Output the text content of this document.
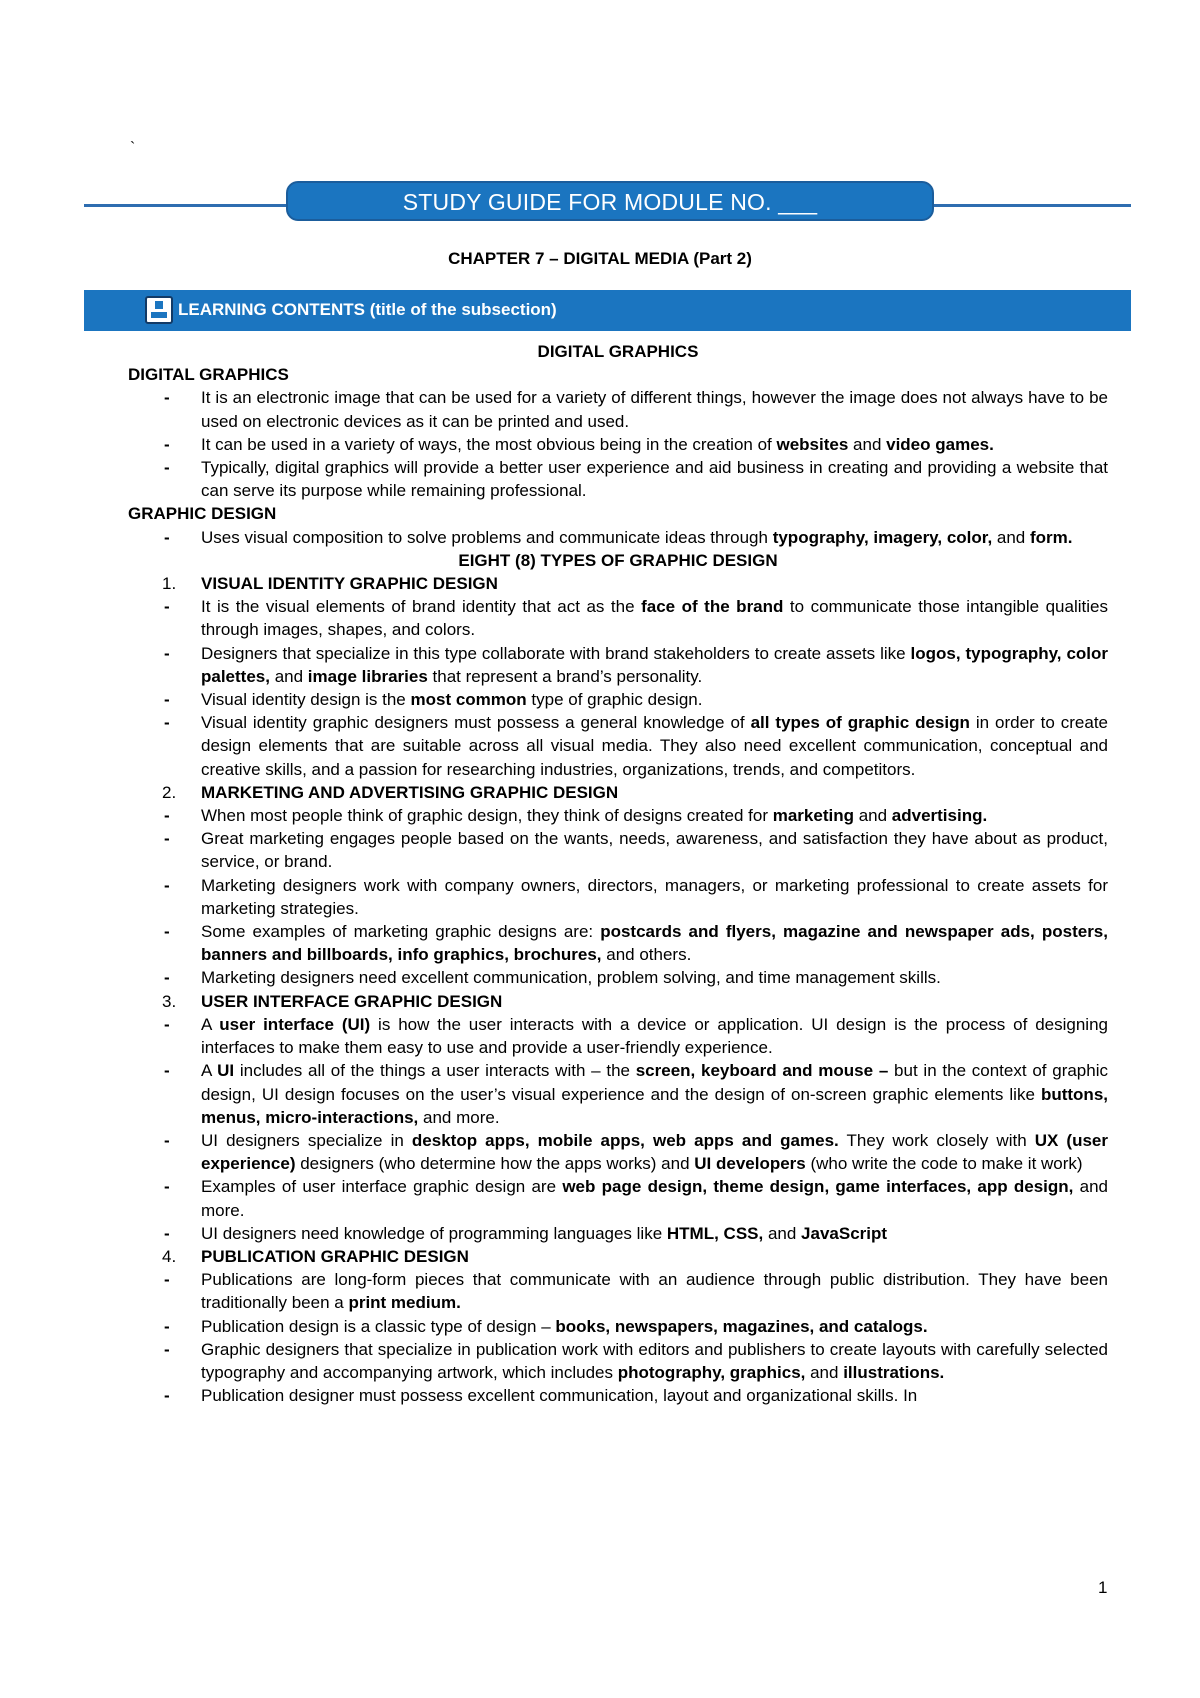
`
STUDY GUIDE FOR MODULE NO. ___
CHAPTER 7 – DIGITAL MEDIA (Part 2)
LEARNING CONTENTS (title of the subsection)
DIGITAL GRAPHICS
DIGITAL GRAPHICS
- It is an electronic image that can be used for a variety of different things, however the image does not always have to be used on electronic devices as it can be printed and used.
- It can be used in a variety of ways, the most obvious being in the creation of websites and video games.
- Typically, digital graphics will provide a better user experience and aid business in creating and providing a website that can serve its purpose while remaining professional.
GRAPHIC DESIGN
- Uses visual composition to solve problems and communicate ideas through typography, imagery, color, and form.
EIGHT (8) TYPES OF GRAPHIC DESIGN
1. VISUAL IDENTITY GRAPHIC DESIGN
- It is the visual elements of brand identity that act as the face of the brand to communicate those intangible qualities through images, shapes, and colors.
- Designers that specialize in this type collaborate with brand stakeholders to create assets like logos, typography, color palettes, and image libraries that represent a brand’s personality.
- Visual identity design is the most common type of graphic design.
- Visual identity graphic designers must possess a general knowledge of all types of graphic design in order to create design elements that are suitable across all visual media. They also need excellent communication, conceptual and creative skills, and a passion for researching industries, organizations, trends, and competitors.
2. MARKETING AND ADVERTISING GRAPHIC DESIGN
- When most people think of graphic design, they think of designs created for marketing and advertising.
- Great marketing engages people based on the wants, needs, awareness, and satisfaction they have about as product, service, or brand.
- Marketing designers work with company owners, directors, managers, or marketing professional to create assets for marketing strategies.
- Some examples of marketing graphic designs are: postcards and flyers, magazine and newspaper ads, posters, banners and billboards, info graphics, brochures, and others.
- Marketing designers need excellent communication, problem solving, and time management skills.
3. USER INTERFACE GRAPHIC DESIGN
- A user interface (UI) is how the user interacts with a device or application. UI design is the process of designing interfaces to make them easy to use and provide a user-friendly experience.
- A UI includes all of the things a user interacts with – the screen, keyboard and mouse – but in the context of graphic design, UI design focuses on the user’s visual experience and the design of on-screen graphic elements like buttons, menus, micro-interactions, and more.
- UI designers specialize in desktop apps, mobile apps, web apps and games. They work closely with UX (user experience) designers (who determine how the apps works) and UI developers (who write the code to make it work)
- Examples of user interface graphic design are web page design, theme design, game interfaces, app design, and more.
- UI designers need knowledge of programming languages like HTML, CSS, and JavaScript
4. PUBLICATION GRAPHIC DESIGN
- Publications are long-form pieces that communicate with an audience through public distribution. They have been traditionally been a print medium.
- Publication design is a classic type of design – books, newspapers, magazines, and catalogs.
- Graphic designers that specialize in publication work with editors and publishers to create layouts with carefully selected typography and accompanying artwork, which includes photography, graphics, and illustrations.
- Publication designer must possess excellent communication, layout and organizational skills. In
1
